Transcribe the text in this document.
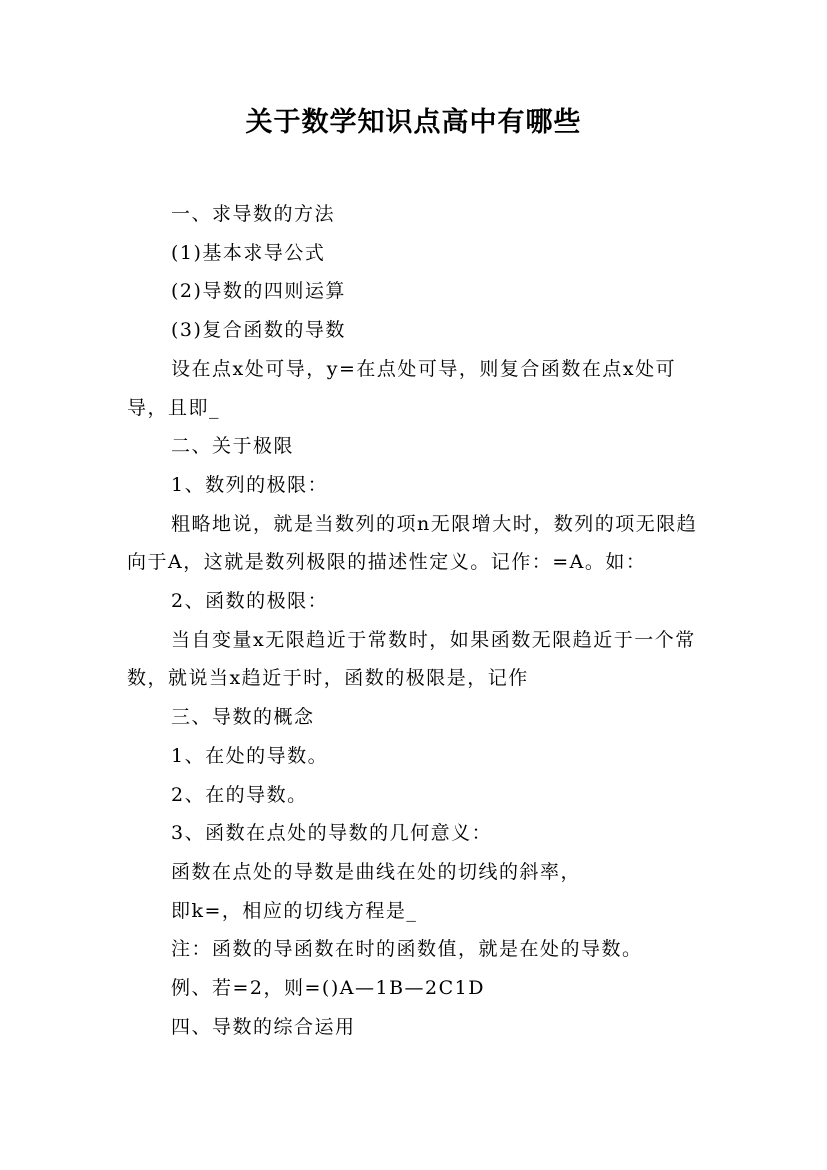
关于数学知识点高中有哪些

一、求导数的方法

(1)基本求导公式

(2)导数的四则运算

(3)复合函数的导数

设在点x处可导，y=在点处可导，则复合函数在点x处可导，且即_

二、关于极限

1、数列的极限：

粗略地说，就是当数列的项n无限增大时，数列的项无限趋向于A，这就是数列极限的描述性定义。记作：=A。如：

2、函数的极限：

当自变量x无限趋近于常数时，如果函数无限趋近于一个常数，就说当x趋近于时，函数的极限是，记作

三、导数的概念

1、在处的导数。

2、在的导数。

3、函数在点处的导数的几何意义：

函数在点处的导数是曲线在处的切线的斜率，

即k=，相应的切线方程是_

注：函数的导函数在时的函数值，就是在处的导数。

例、若=2，则=()A—1B—2C1D

四、导数的综合运用
